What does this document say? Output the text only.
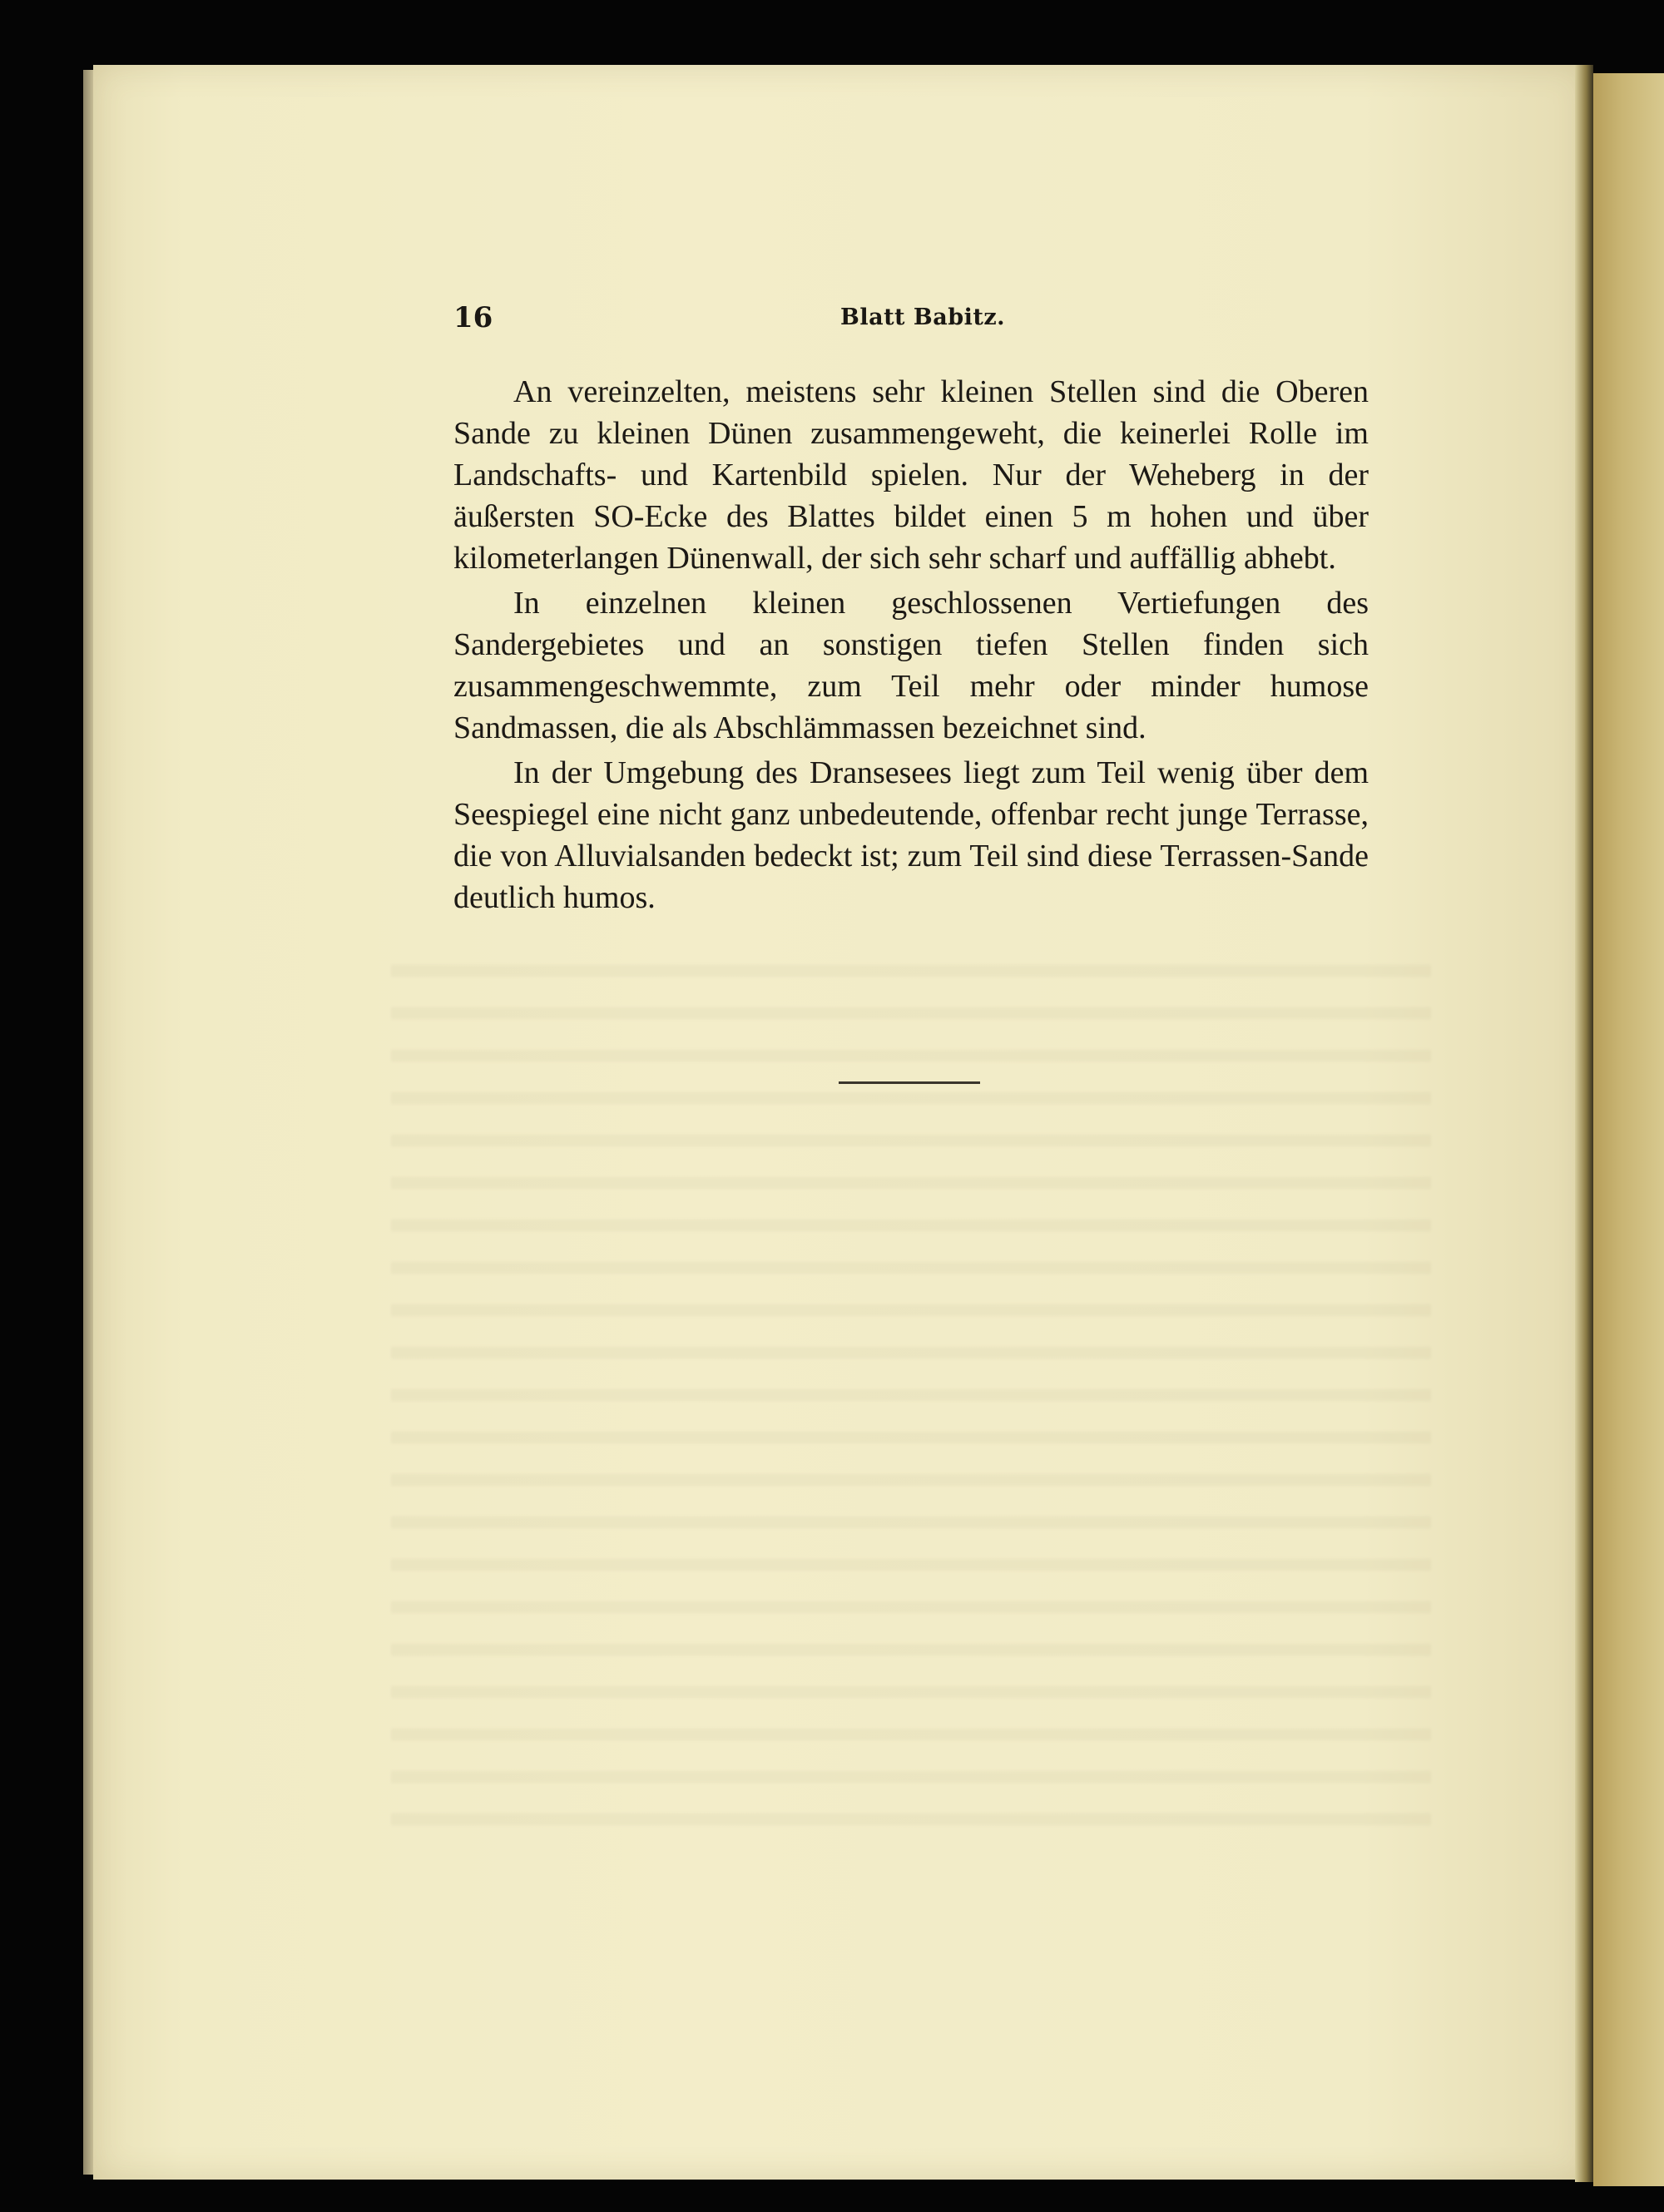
16	Blatt Babitz.

An vereinzelten, meistens sehr kleinen Stellen sind die Oberen Sande zu kleinen Dünen zusammengeweht, die keinerlei Rolle im Landschafts- und Kartenbild spielen. Nur der Weheberg in der äußersten SO-Ecke des Blattes bildet einen 5 m hohen und über kilometerlangen Dünenwall, der sich sehr scharf und auffällig abhebt.

In einzelnen kleinen geschlossenen Vertiefungen des Sandergebietes und an sonstigen tiefen Stellen finden sich zusammengeschwemmte, zum Teil mehr oder minder humose Sandmassen, die als Abschlämmassen bezeichnet sind.

In der Umgebung des Dransesees liegt zum Teil wenig über dem Seespiegel eine nicht ganz unbedeutende, offenbar recht junge Terrasse, die von Alluvialsanden bedeckt ist; zum Teil sind diese Terrassen-Sande deutlich humos.
